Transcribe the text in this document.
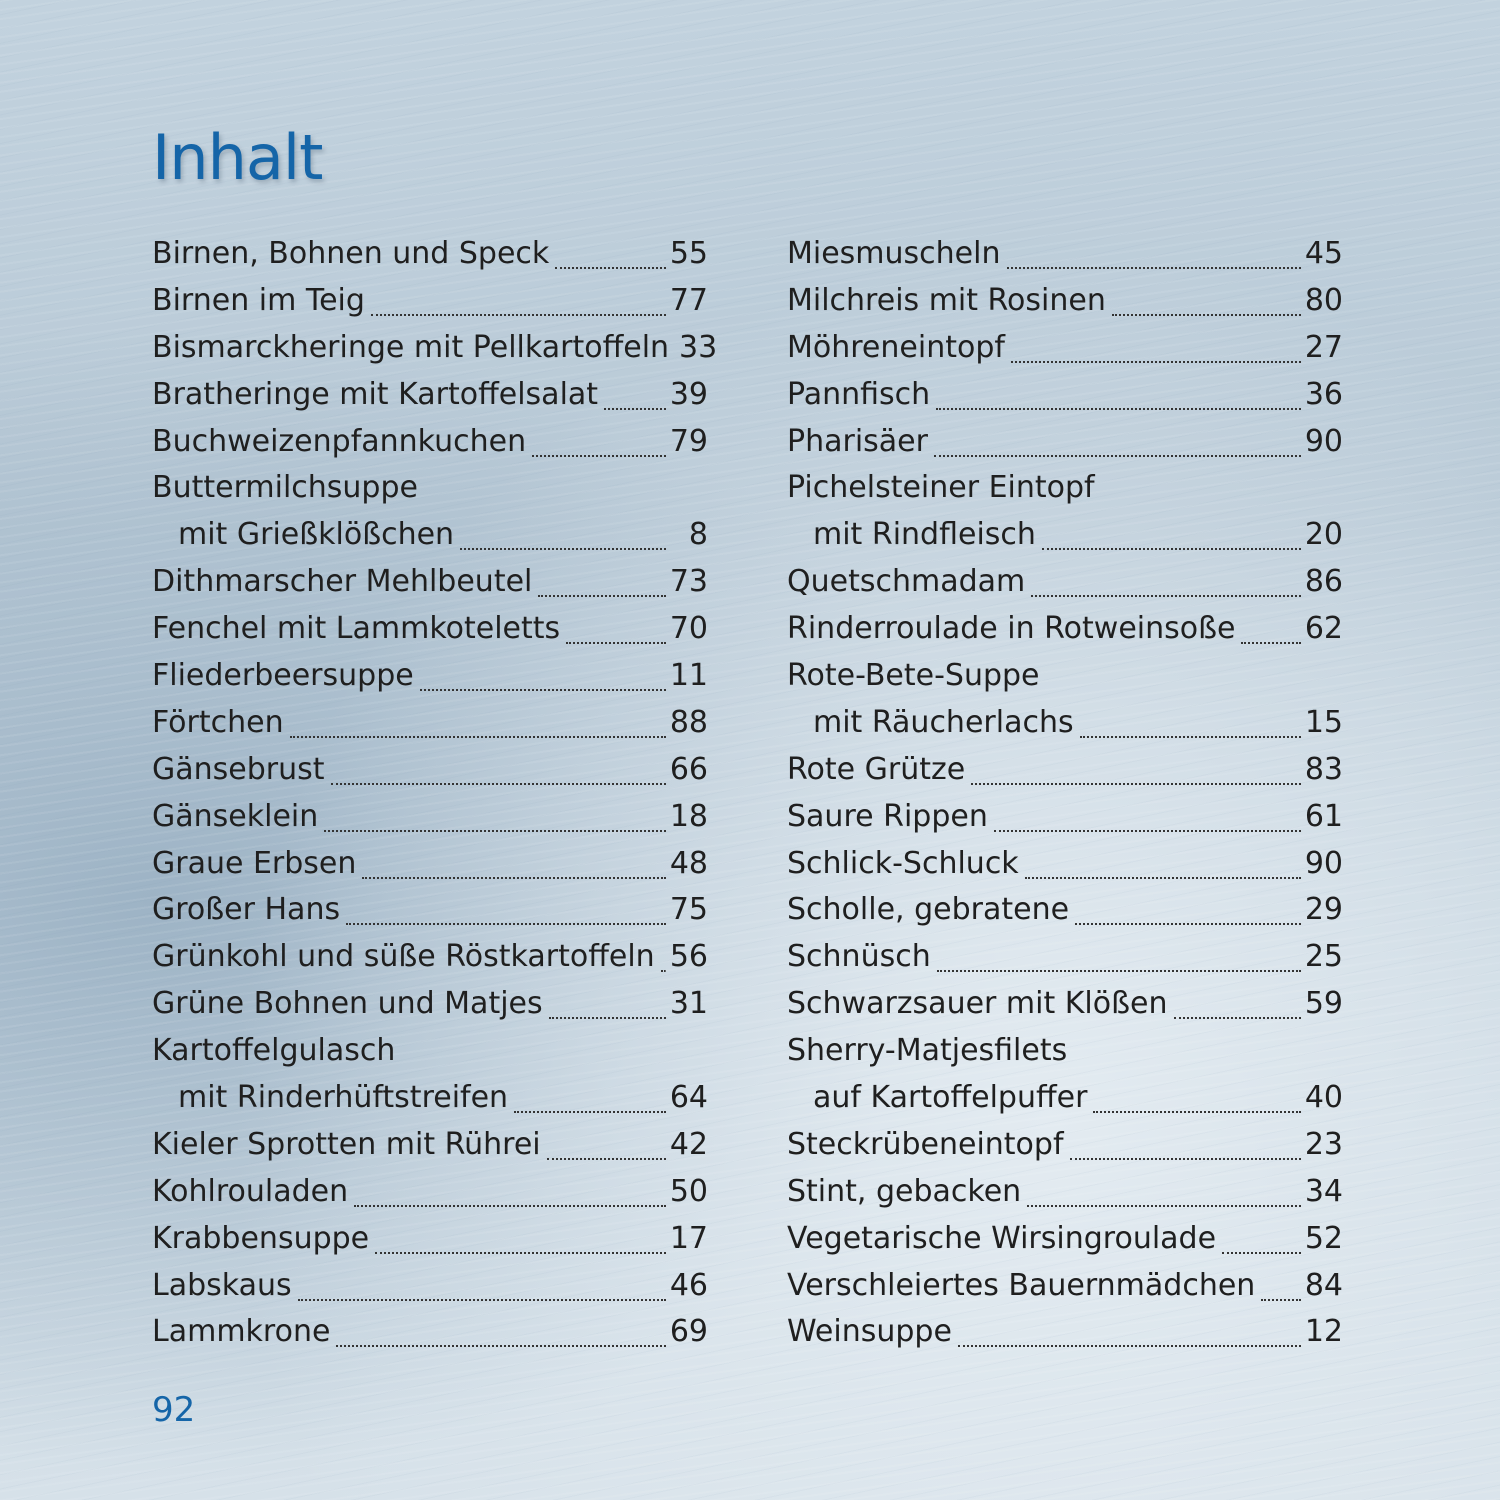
Inhalt
Birnen, Bohnen und Speck	55
Birnen im Teig	77
Bismarckheringe mit Pellkartoffeln 33
Bratheringe mit Kartoffelsalat 39
Buchweizenpfannkuchen	79
Buttermilchsuppe
mit Grießklößchen	8
Dithmarscher Mehlbeutel	73
Fenchel mit Lammkoteletts	70
Fliederbeersuppe	11
Förtchen	88
Gänsebrust	66
Gänseklein	18
Graue Erbsen	48
Großer Hans	75
Grünkohl und süße Röstkartoffeln 56
Grüne Bohnen und Matjes	31
Kartoffelgulasch
mit Rinderhüftstreifen	64
Kieler Sprotten mit Rührei	42
Kohlrouladen	50
Krabbensuppe	17
Labskaus	46
Lammkrone	69
Miesmuscheln	45
Milchreis mit Rosinen	80
Möhreneintopf	27
Pannfisch	36
Pharisäer	90
Pichelsteiner Eintopf
mit Rindfleisch	20
Quetschmadam	86
Rinderroulade in Rotweinsoße 62
Rote-Bete-Suppe
mit Räucherlachs	15
Rote Grütze	83
Saure Rippen	61
Schlick-Schluck	90
Scholle, gebratene	29
Schnüsch	25
Schwarzsauer mit Klößen	59
Sherry-Matjesfilets
auf Kartoffelpuffer	40
Steckrübeneintopf	23
Stint, gebacken	34
Vegetarische Wirsingroulade	52
Verschleiertes Bauernmädchen 84
Weinsuppe	12
92
